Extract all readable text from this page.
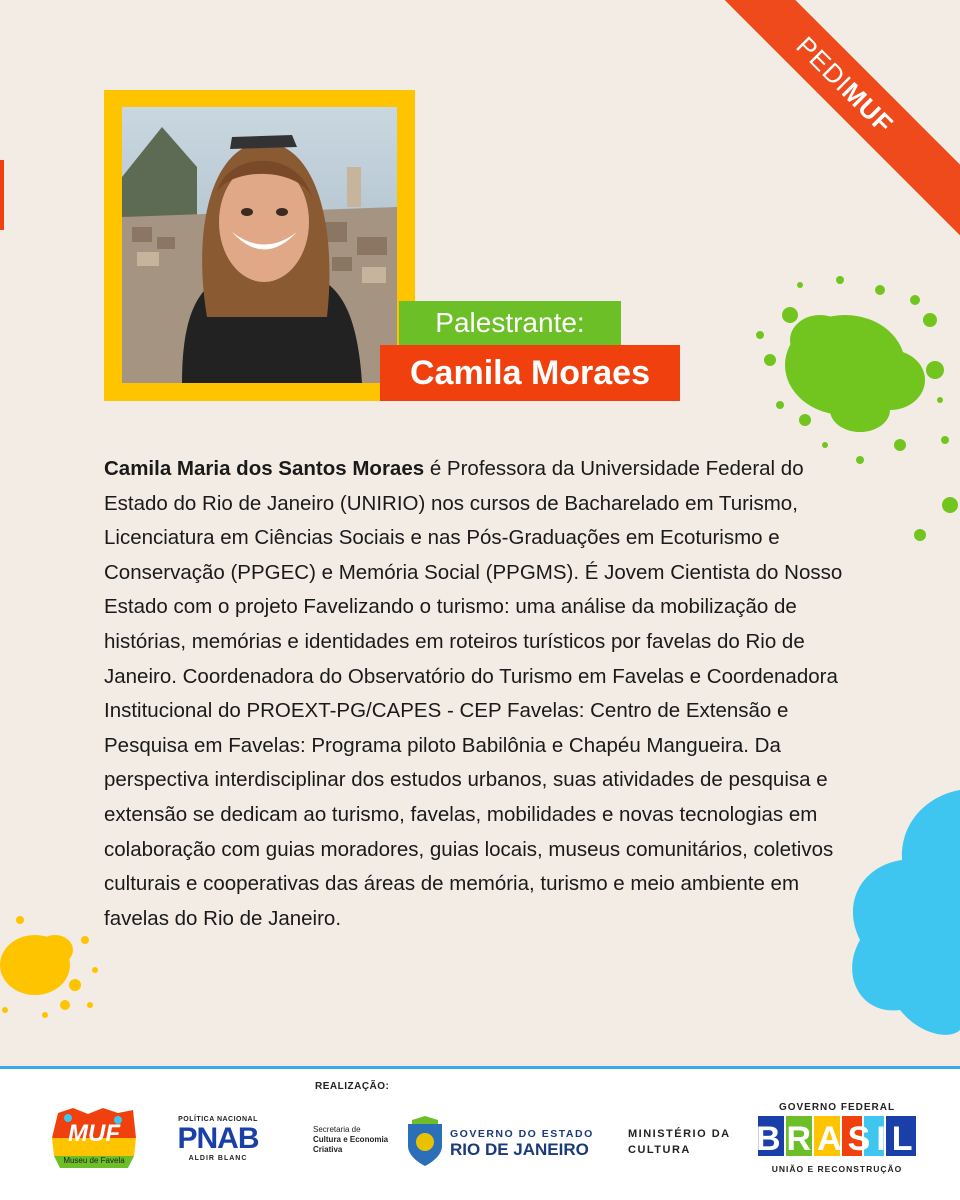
PEDIMUF
Palestrante:
Camila Moraes
Camila Maria dos Santos Moraes é Professora da Universidade Federal do Estado do Rio de Janeiro (UNIRIO) nos cursos de Bacharelado em Turismo, Licenciatura em Ciências Sociais e nas Pós-Graduações em Ecoturismo e Conservação (PPGEC) e Memória Social (PPGMS). É Jovem Cientista do Nosso Estado com o projeto Favelizando o turismo: uma análise da mobilização de histórias, memórias e identidades em roteiros turísticos por favelas do Rio de Janeiro. Coordenadora do Observatório do Turismo em Favelas e Coordenadora Institucional do PROEXT-PG/CAPES - CEP Favelas: Centro de Extensão e Pesquisa em Favelas: Programa piloto Babilônia e Chapéu Mangueira. Da perspectiva interdisciplinar dos estudos urbanos, suas atividades de pesquisa e extensão se dedicam ao turismo, favelas, mobilidades e novas tecnologias em colaboração com guias moradores, guias locais, museus comunitários, coletivos culturais e cooperativas das áreas de memória, turismo e meio ambiente em favelas do Rio de Janeiro.
REALIZAÇÃO:
MUF
Museu de Favela
POLÍTICA NACIONAL
PNAB
ALDIR BLANC
Secretaria de
Cultura e Economia
Criativa
GOVERNO DO ESTADO
RIO DE JANEIRO
MINISTÉRIO DA
CULTURA
GOVERNO FEDERAL
BRASIL
UNIÃO E RECONSTRUÇÃO
